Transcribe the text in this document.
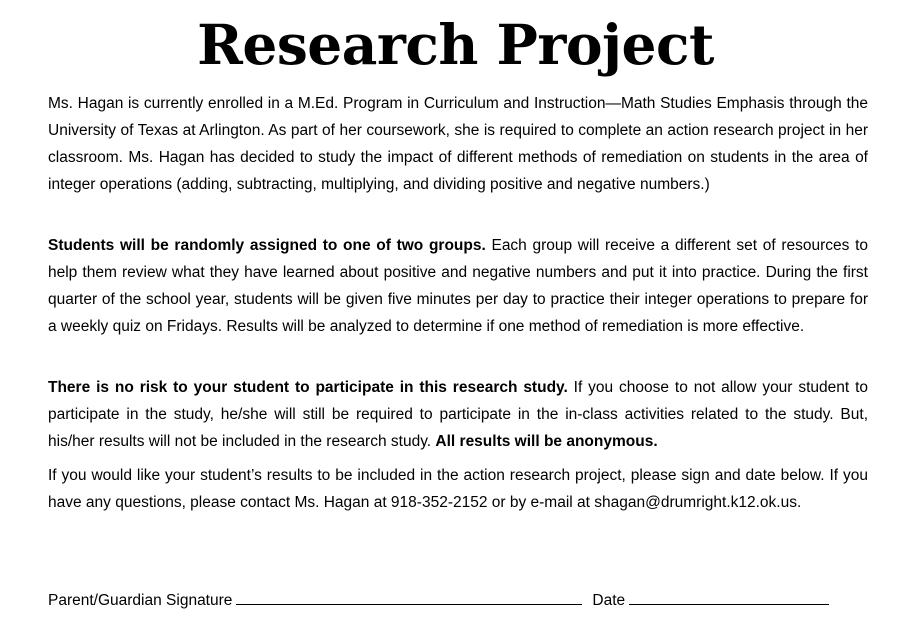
Research Project

Ms. Hagan is currently enrolled in a M.Ed. Program in Curriculum and Instruction—Math Studies Emphasis through the University of Texas at Arlington. As part of her coursework, she is required to complete an action research project in her classroom. Ms. Hagan has decided to study the impact of different methods of remediation on students in the area of integer operations (adding, subtracting, multiplying, and dividing positive and negative numbers.)

Students will be randomly assigned to one of two groups. Each group will receive a different set of resources to help them review what they have learned about positive and negative numbers and put it into practice. During the first quarter of the school year, students will be given five minutes per day to practice their integer operations to prepare for a weekly quiz on Fridays. Results will be analyzed to determine if one method of remediation is more effective.

There is no risk to your student to participate in this research study. If you choose to not allow your student to participate in the study, he/she will still be required to participate in the in-class activities related to the study. But, his/her results will not be included in the research study. All results will be anonymous.

If you would like your student’s results to be included in the action research project, please sign and date below. If you have any questions, please contact Ms. Hagan at 918-352-2152 or by e-mail at shagan@drumright.k12.ok.us.

Parent/Guardian Signature	Date
